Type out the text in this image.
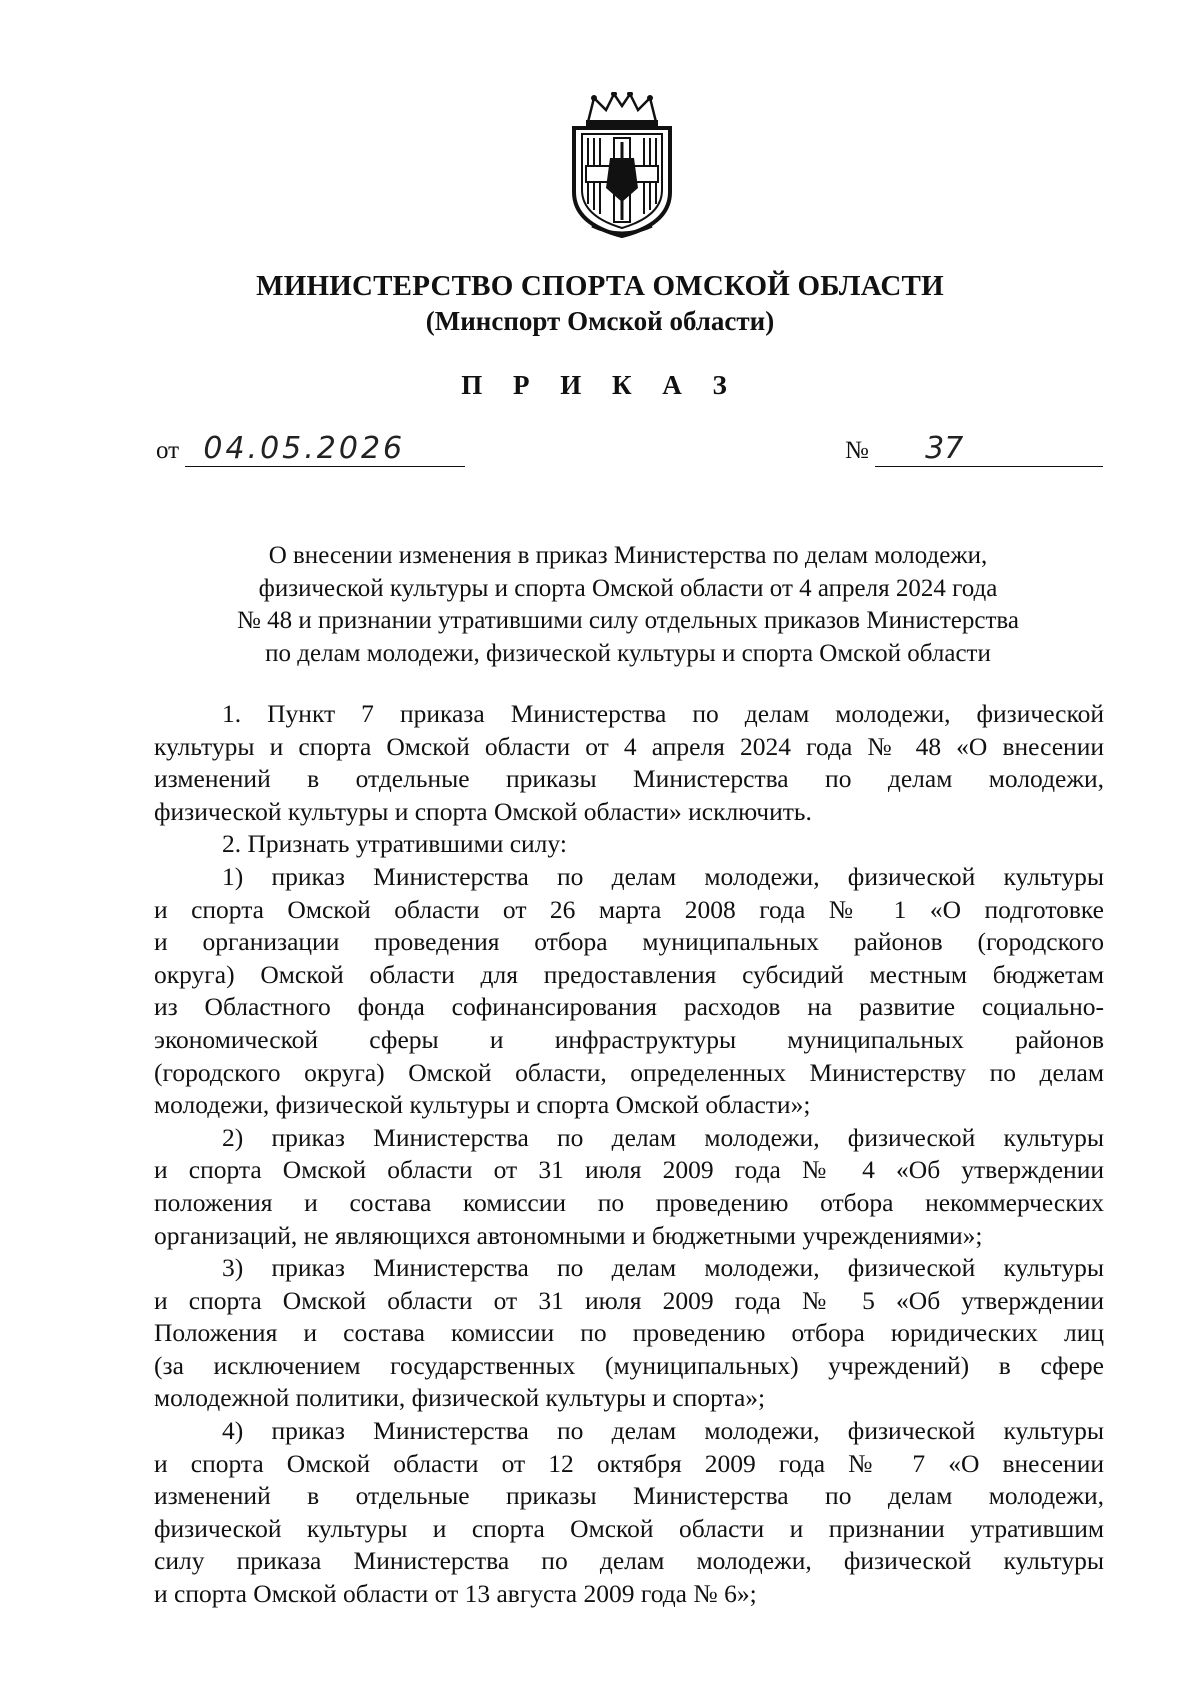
МИНИСТЕРСТВО СПОРТА ОМСКОЙ ОБЛАСТИ
(Минспорт Омской области)
П Р И К А З
от 04.05.2026	№ 37
О внесении изменения в приказ Министерства по делам молодежи,
физической культуры и спорта Омской области от 4 апреля 2024 года
№ 48 и признании утратившими силу отдельных приказов Министерства
по делам молодежи, физической культуры и спорта Омской области
1. Пункт 7 приказа Министерства по делам молодежи, физической
культуры и спорта Омской области от 4 апреля 2024 года № 48 «О внесении
изменений в отдельные приказы Министерства по делам молодежи,
физической культуры и спорта Омской области» исключить.
2. Признать утратившими силу:
1) приказ Министерства по делам молодежи, физической культуры
и спорта Омской области от 26 марта 2008 года № 1 «О подготовке
и организации проведения отбора муниципальных районов (городского
округа) Омской области для предоставления субсидий местным бюджетам
из Областного фонда софинансирования расходов на развитие социально-
экономической сферы и инфраструктуры муниципальных районов
(городского округа) Омской области, определенных Министерству по делам
молодежи, физической культуры и спорта Омской области»;
2) приказ Министерства по делам молодежи, физической культуры
и спорта Омской области от 31 июля 2009 года № 4 «Об утверждении
положения и состава комиссии по проведению отбора некоммерческих
организаций, не являющихся автономными и бюджетными учреждениями»;
3) приказ Министерства по делам молодежи, физической культуры
и спорта Омской области от 31 июля 2009 года № 5 «Об утверждении
Положения и состава комиссии по проведению отбора юридических лиц
(за исключением государственных (муниципальных) учреждений) в сфере
молодежной политики, физической культуры и спорта»;
4) приказ Министерства по делам молодежи, физической культуры
и спорта Омской области от 12 октября 2009 года № 7 «О внесении
изменений в отдельные приказы Министерства по делам молодежи,
физической культуры и спорта Омской области и признании утратившим
силу приказа Министерства по делам молодежи, физической культуры
и спорта Омской области от 13 августа 2009 года № 6»;
